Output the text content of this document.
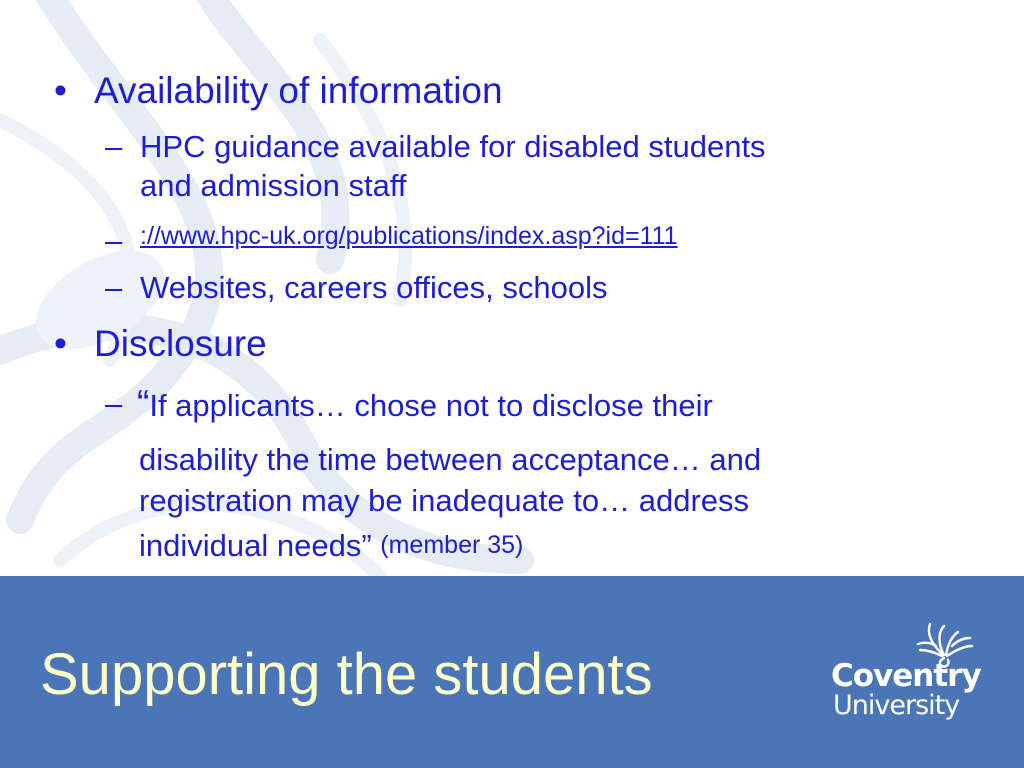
• Availability of information
– HPC guidance available for disabled students
and admission staff
– ://www.hpc-uk.org/publications/index.asp?id=111
– Websites, careers offices, schools
• Disclosure
– “If applicants… chose not to disclose their
disability the time between acceptance… and
registration may be inadequate to… address
individual needs”
(member 35)
Supporting the students	Coventry
University
